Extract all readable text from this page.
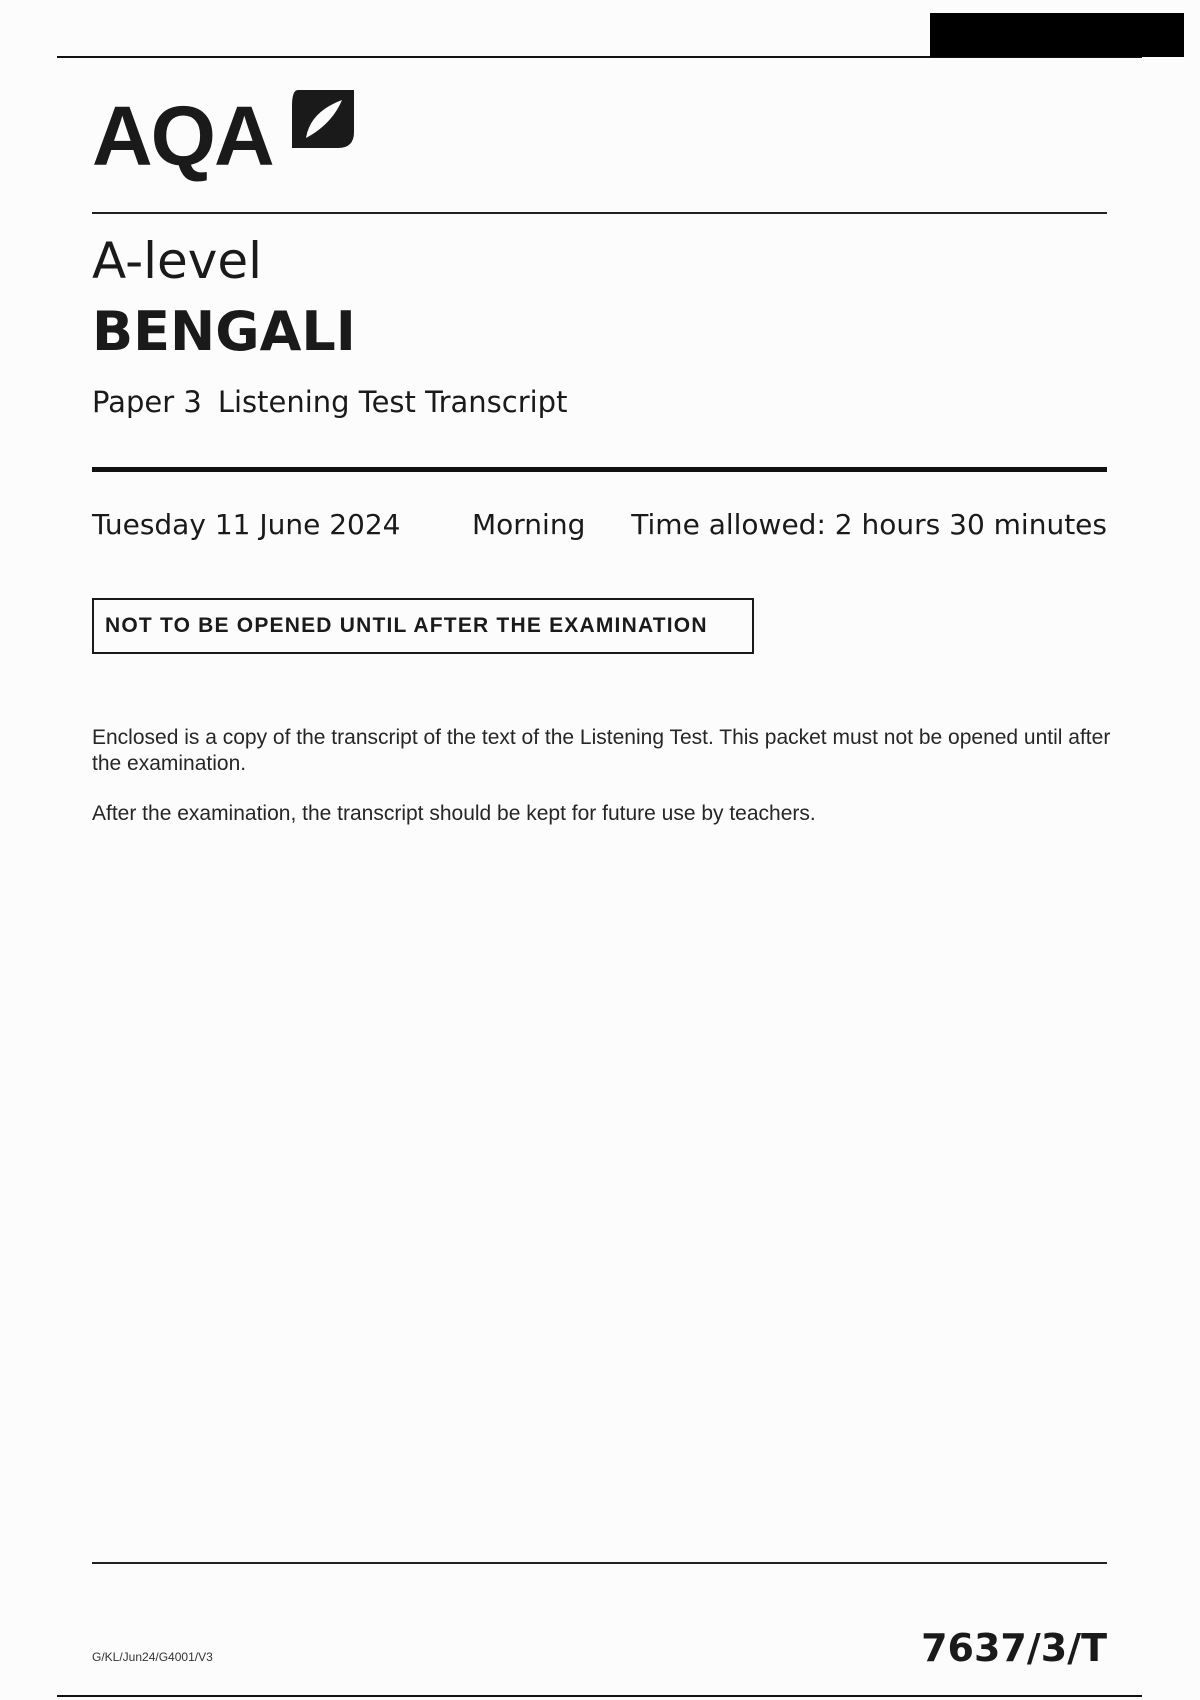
AQA
A-level
BENGALI
Paper 3 Listening Test Transcript
Tuesday 11 June 2024	Morning Time allowed: 2 hours 30 minutes
NOT TO BE OPENED UNTIL AFTER THE EXAMINATION
Enclosed is a copy of the transcript of the text of the Listening Test. This packet must not be opened until after the examination.
After the examination, the transcript should be kept for future use by teachers.
G/KL/Jun24/G4001/V3	7637/3/T
